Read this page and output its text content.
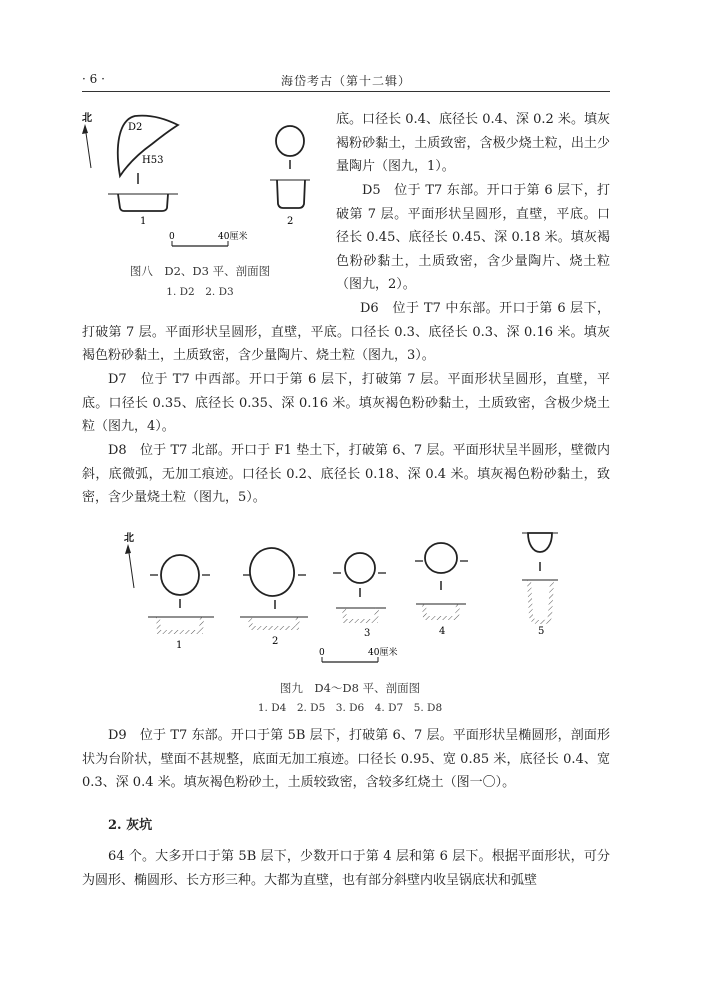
· 6 ·	海岱考古（第十二辑）
北
D2
H53
1	2
0	40厘米
图八　D2、D3 平、剖面图
1. D2　2. D3

底。口径长 0.4、底径长 0.4、深 0.2 米。填灰褐粉砂黏土，土质致密，含极少烧土粒，出土少量陶片（图九，1）。

D5　位于 T7 东部。开口于第 6 层下，打破第 7 层。平面形状呈圆形，直壁，平底。口径长 0.45、底径长 0.45、深 0.18 米。填灰褐色粉砂黏土，土质致密，含少量陶片、烧土粒（图九，2）。

D6　位于 T7 中东部。开口于第 6 层下，打破第 7 层。平面形状呈圆形，直壁，平底。口径长 0.3、底径长 0.3、深 0.16 米。填灰褐色粉砂黏土，土质致密，含少量陶片、烧土粒（图九，3）。

D7　位于 T7 中西部。开口于第 6 层下，打破第 7 层。平面形状呈圆形，直壁，平底。口径长 0.35、底径长 0.35、深 0.16 米。填灰褐色粉砂黏土，土质致密，含极少烧土粒（图九，4）。

D8　位于 T7 北部。开口于 F1 垫土下，打破第 6、7 层。平面形状呈半圆形，壁微内斜，底微弧，无加工痕迹。口径长 0.2、底径长 0.18、深 0.4 米。填灰褐色粉砂黏土，致密，含少量烧土粒（图九，5）。

北
1	2
3	4	5
0	40厘米
图九　D4～D8 平、剖面图
1. D4　2. D5　3. D6　4. D7　5. D8

D9　位于 T7 东部。开口于第 5B 层下，打破第 6、7 层。平面形状呈椭圆形，剖面形状为台阶状，壁面不甚规整，底面无加工痕迹。口径长 0.95、宽 0.85 米，底径长 0.4、宽 0.3、深 0.4 米。填灰褐色粉砂土，土质较致密，含较多红烧土（图一〇）。

2. 灰坑

64 个。大多开口于第 5B 层下，少数开口于第 4 层和第 6 层下。根据平面形状，可分为圆形、椭圆形、长方形三种。大都为直壁，也有部分斜壁内收呈锅底状和弧壁
